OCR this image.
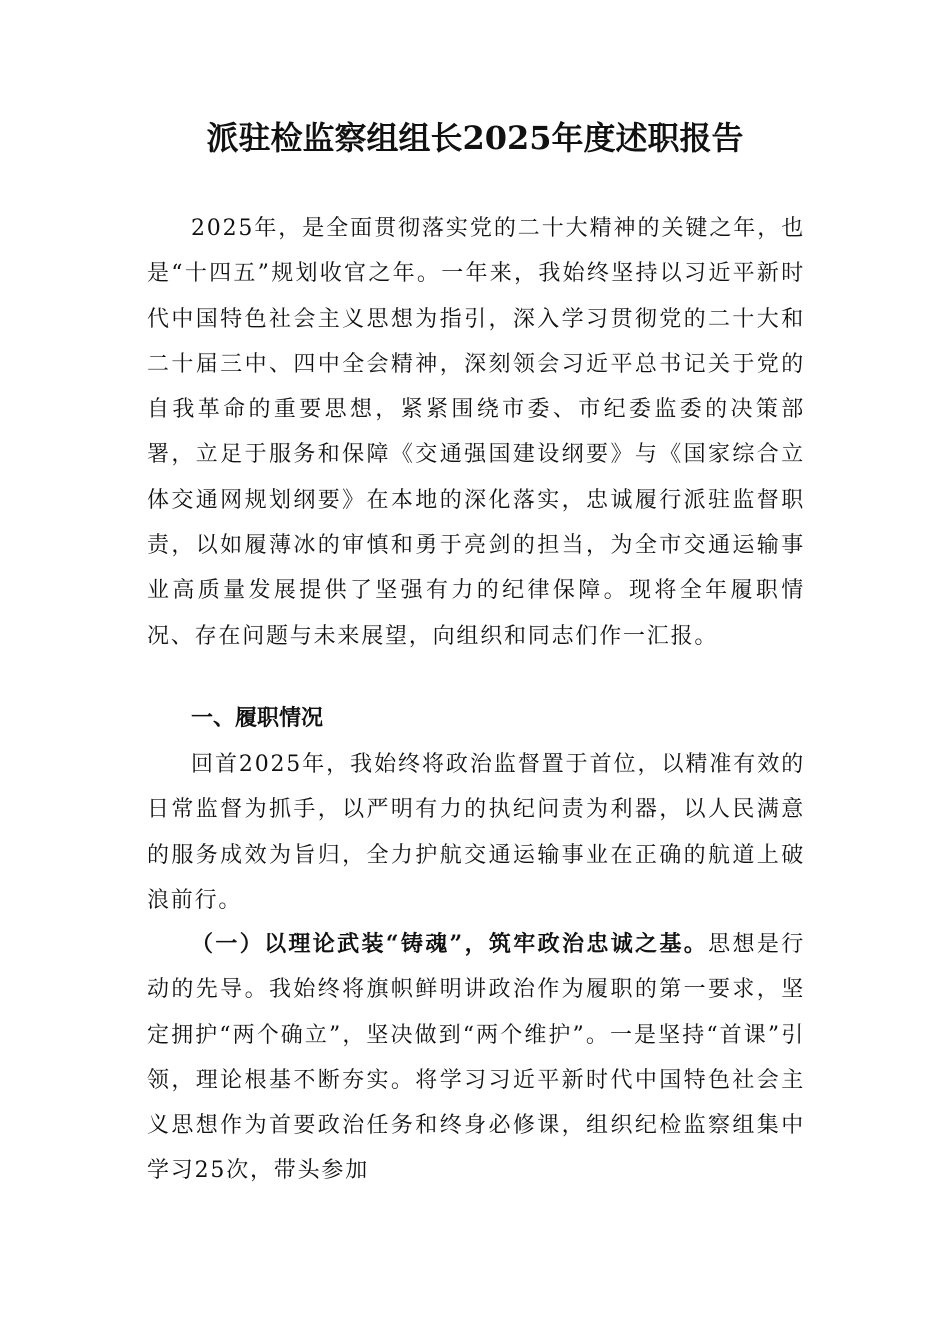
派驻检监察组组长2025年度述职报告

2025年，是全面贯彻落实党的二十大精神的关键之年，也是“十四五”规划收官之年。一年来，我始终坚持以习近平新时代中国特色社会主义思想为指引，深入学习贯彻党的二十大和二十届三中、四中全会精神，深刻领会习近平总书记关于党的自我革命的重要思想，紧紧围绕市委、市纪委监委的决策部署，立足于服务和保障《交通强国建设纲要》与《国家综合立体交通网规划纲要》在本地的深化落实，忠诚履行派驻监督职责，以如履薄冰的审慎和勇于亮剑的担当，为全市交通运输事业高质量发展提供了坚强有力的纪律保障。现将全年履职情况、存在问题与未来展望，向组织和同志们作一汇报。

一、履职情况

回首2025年，我始终将政治监督置于首位，以精准有效的日常监督为抓手，以严明有力的执纪问责为利器，以人民满意的服务成效为旨归，全力护航交通运输事业在正确的航道上破浪前行。

（一）以理论武装“铸魂”，筑牢政治忠诚之基。思想是行动的先导。我始终将旗帜鲜明讲政治作为履职的第一要求，坚定拥护“两个确立”，坚决做到“两个维护”。一是坚持“首课”引领，理论根基不断夯实。将学习习近平新时代中国特色社会主义思想作为首要政治任务和终身必修课，组织纪检监察组集中学习25次，带头参加
